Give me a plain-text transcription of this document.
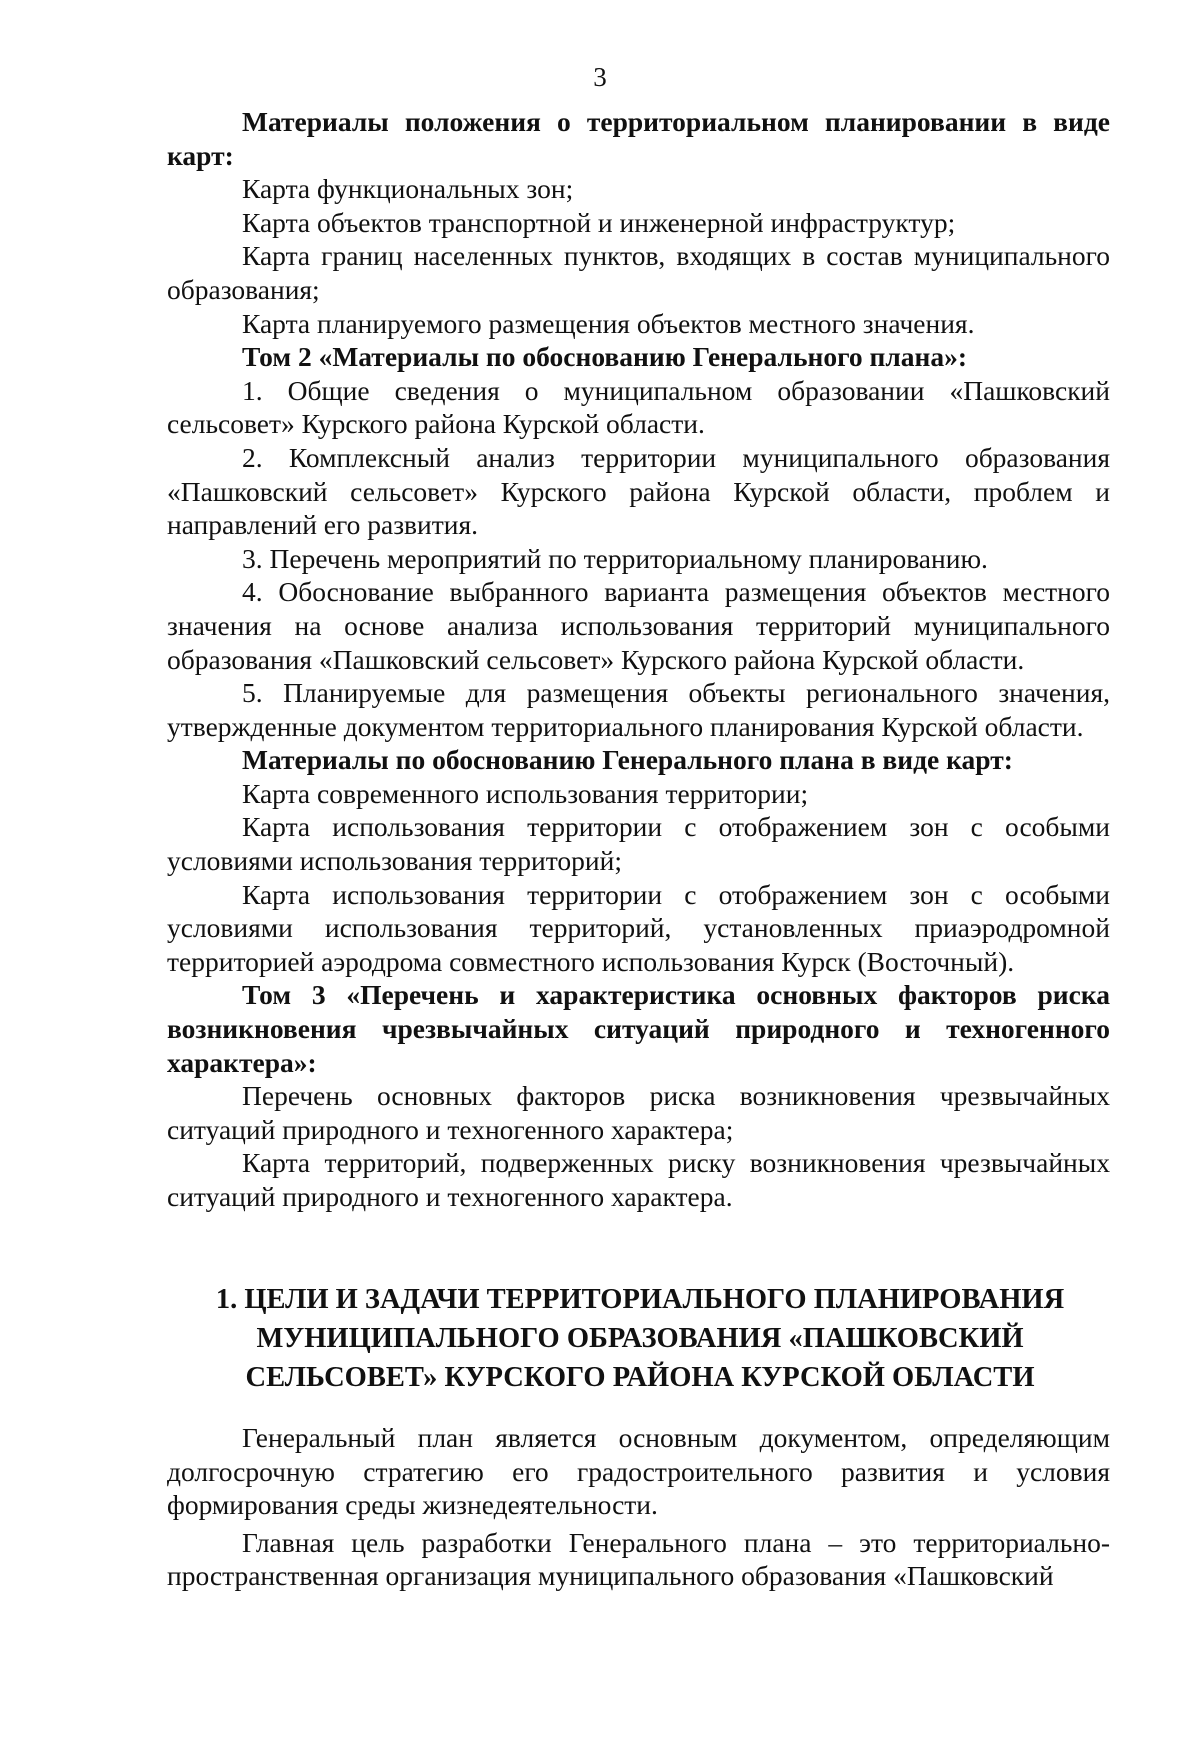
3

Материалы положения о территориальном планировании в виде карт:

Карта функциональных зон;

Карта объектов транспортной и инженерной инфраструктур;

Карта границ населенных пунктов, входящих в состав муниципального образования;

Карта планируемого размещения объектов местного значения.

Том 2 «Материалы по обоснованию Генерального плана»:

1. Общие сведения о муниципальном образовании «Пашковский сельсовет» Курского района Курской области.

2. Комплексный анализ территории муниципального образования «Пашковский сельсовет» Курского района Курской области, проблем и направлений его развития.

3. Перечень мероприятий по территориальному планированию.

4. Обоснование выбранного варианта размещения объектов местного значения на основе анализа использования территорий муниципального образования «Пашковский сельсовет» Курского района Курской области.

5. Планируемые для размещения объекты регионального значения, утвержденные документом территориального планирования Курской области.

Материалы по обоснованию Генерального плана в виде карт:

Карта современного использования территории;

Карта использования территории с отображением зон с особыми условиями использования территорий;

Карта использования территории с отображением зон с особыми условиями использования территорий, установленных приаэродромной территорией аэродрома совместного использования Курск (Восточный).

Том 3 «Перечень и характеристика основных факторов риска возникновения чрезвычайных ситуаций природного и техногенного характера»:

Перечень основных факторов риска возникновения чрезвычайных ситуаций природного и техногенного характера;

Карта территорий, подверженных риску возникновения чрезвычайных ситуаций природного и техногенного характера.

1. ЦЕЛИ И ЗАДАЧИ ТЕРРИТОРИАЛЬНОГО ПЛАНИРОВАНИЯ
МУНИЦИПАЛЬНОГО ОБРАЗОВАНИЯ «ПАШКОВСКИЙ
СЕЛЬСОВЕТ» КУРСКОГО РАЙОНА КУРСКОЙ ОБЛАСТИ

Генеральный план является основным документом, определяющим долгосрочную стратегию его градостроительного развития и условия формирования среды жизнедеятельности.

Главная цель разработки Генерального плана – это территориально-пространственная организация муниципального образования «Пашковский
